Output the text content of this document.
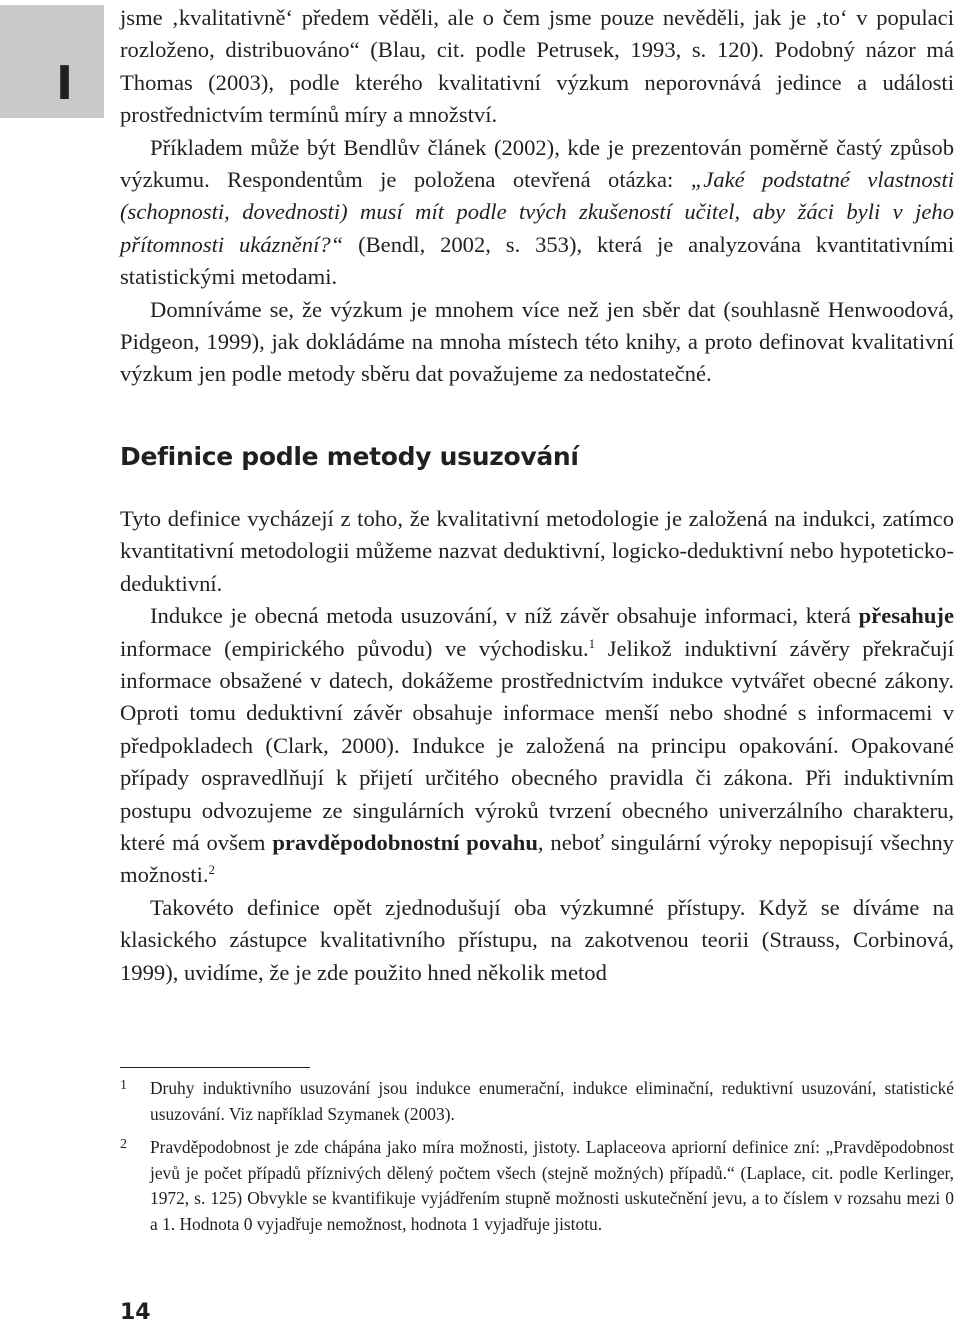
I

jsme ‚kvalitativně‘ předem věděli, ale o čem jsme pouze nevěděli, jak je ‚to‘ v populaci rozloženo, distribuováno“ (Blau, cit. podle Petrusek, 1993, s. 120). Podobný názor má Thomas (2003), podle kterého kvalitativní výzkum neporovnává jedince a události prostřednictvím termínů míry a množství.

Příkladem může být Bendlův článek (2002), kde je prezentován poměrně častý způsob výzkumu. Respondentům je položena otevřená otázka: „Jaké podstatné vlastnosti (schopnosti, dovednosti) musí mít podle tvých zkušeností učitel, aby žáci byli v jeho přítomnosti ukáznění?“ (Bendl, 2002, s. 353), která je analyzována kvantitativními statistickými metodami.

Domníváme se, že výzkum je mnohem více než jen sběr dat (souhlasně Henwoodová, Pidgeon, 1999), jak dokládáme na mnoha místech této knihy, a proto definovat kvalitativní výzkum jen podle metody sběru dat považujeme za nedostatečné.

Definice podle metody usuzování

Tyto definice vycházejí z toho, že kvalitativní metodologie je založená na indukci, zatímco kvantitativní metodologii můžeme nazvat deduktivní, logicko-deduktivní nebo hypoteticko-deduktivní.

Indukce je obecná metoda usuzování, v níž závěr obsahuje informaci, která přesahuje informace (empirického původu) ve východisku.$^1$ Jelikož induktivní závěry překračují informace obsažené v datech, dokážeme prostřednictvím indukce vytvářet obecné zákony. Oproti tomu deduktivní závěr obsahuje informace menší nebo shodné s informacemi v předpokladech (Clark, 2000). Indukce je založená na principu opakování. Opakované případy ospravedlňují k přijetí určitého obecného pravidla či zákona. Při induktivním postupu odvozujeme ze singulárních výroků tvrzení obecného univerzálního charakteru, které má ovšem pravděpodobnostní povahu, neboť singulární výroky nepopisují všechny možnosti.$^2$

Takovéto definice opět zjednodušují oba výzkumné přístupy. Když se díváme na klasického zástupce kvalitativního přístupu, na zakotvenou teorii (Strauss, Corbinová, 1999), uvidíme, že je zde použito hned několik metod

1 Druhy induktivního usuzování jsou indukce enumerační, indukce eliminační, reduktivní usuzování, statistické usuzování. Viz například Szymanek (2003).
2 Pravděpodobnost je zde chápána jako míra možnosti, jistoty. Laplaceova apriorní definice zní: „Pravděpodobnost jevů je počet případů příznivých dělený počtem všech (stejně možných) případů.“ (Laplace, cit. podle Kerlinger, 1972, s. 125) Obvykle se kvantifikuje vyjádřením stupně možnosti uskutečnění jevu, a to číslem v rozsahu mezi 0 a 1. Hodnota 0 vyjadřuje nemožnost, hodnota 1 vyjadřuje jistotu.
14
